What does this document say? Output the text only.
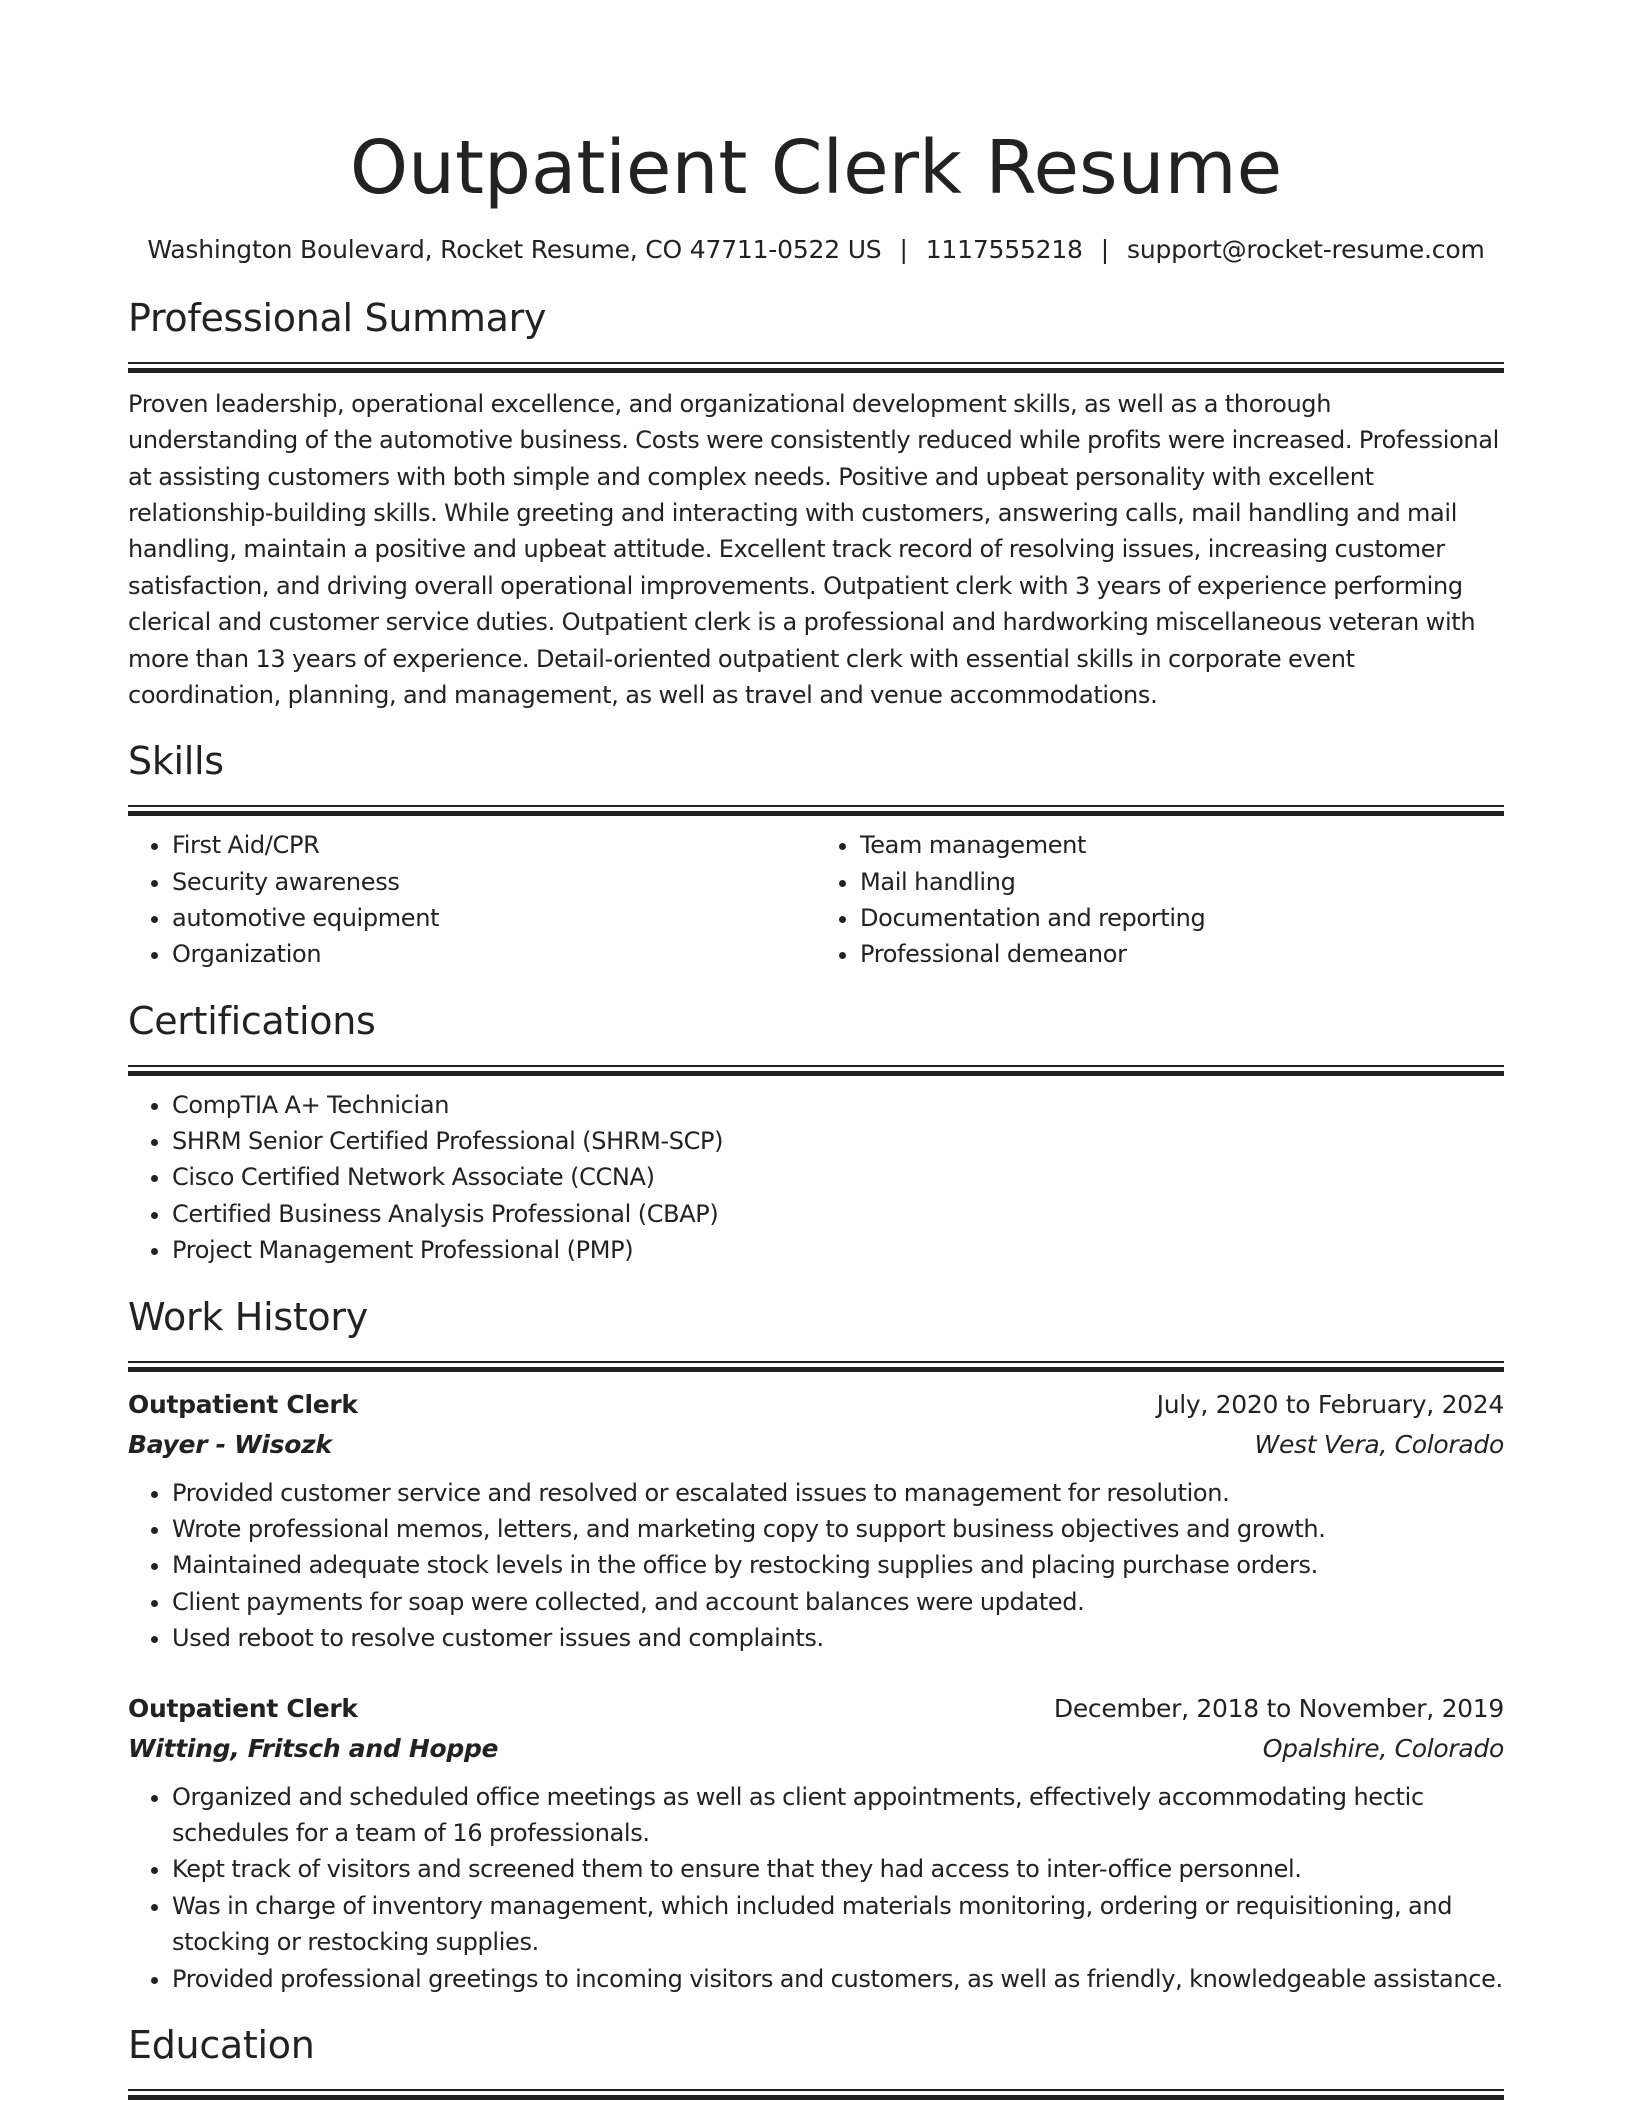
Outpatient Clerk Resume
Washington Boulevard, Rocket Resume, CO 47711-0522 US | 1117555218 | support@rocket-resume.com
Professional Summary

Proven leadership, operational excellence, and organizational development skills, as well as a thorough understanding of the automotive business. Costs were consistently reduced while profits were increased. Professional at assisting customers with both simple and complex needs. Positive and upbeat personality with excellent relationship-building skills. While greeting and interacting with customers, answering calls, mail handling and mail handling, maintain a positive and upbeat attitude. Excellent track record of resolving issues, increasing customer satisfaction, and driving overall operational improvements. Outpatient clerk with 3 years of experience performing clerical and customer service duties. Outpatient clerk is a professional and hardworking miscellaneous veteran with more than 13 years of experience. Detail-oriented outpatient clerk with essential skills in corporate event coordination, planning, and management, as well as travel and venue accommodations.

Skills
• First Aid/CPR
• Security awareness
• automotive equipment
• Organization
• Team management
• Mail handling
• Documentation and reporting
• Professional demeanor
Certifications
• CompTIA A+ Technician
• SHRM Senior Certified Professional (SHRM-SCP)
• Cisco Certified Network Associate (CCNA)
• Certified Business Analysis Professional (CBAP)
• Project Management Professional (PMP)
Work History
Outpatient Clerk	July, 2020 to February, 2024
Bayer - Wisozk	West Vera, Colorado
• Provided customer service and resolved or escalated issues to management for resolution.
• Wrote professional memos, letters, and marketing copy to support business objectives and growth.
• Maintained adequate stock levels in the office by restocking supplies and placing purchase orders.
• Client payments for soap were collected, and account balances were updated.
• Used reboot to resolve customer issues and complaints.
Outpatient Clerk	December, 2018 to November, 2019
Witting, Fritsch and Hoppe	Opalshire, Colorado
• Organized and scheduled office meetings as well as client appointments, effectively accommodating hectic schedules for a team of 16 professionals.
• Kept track of visitors and screened them to ensure that they had access to inter-office personnel.
• Was in charge of inventory management, which included materials monitoring, ordering or requisitioning, and stocking or restocking supplies.
• Provided professional greetings to incoming visitors and customers, as well as friendly, knowledgeable assistance.
Education
